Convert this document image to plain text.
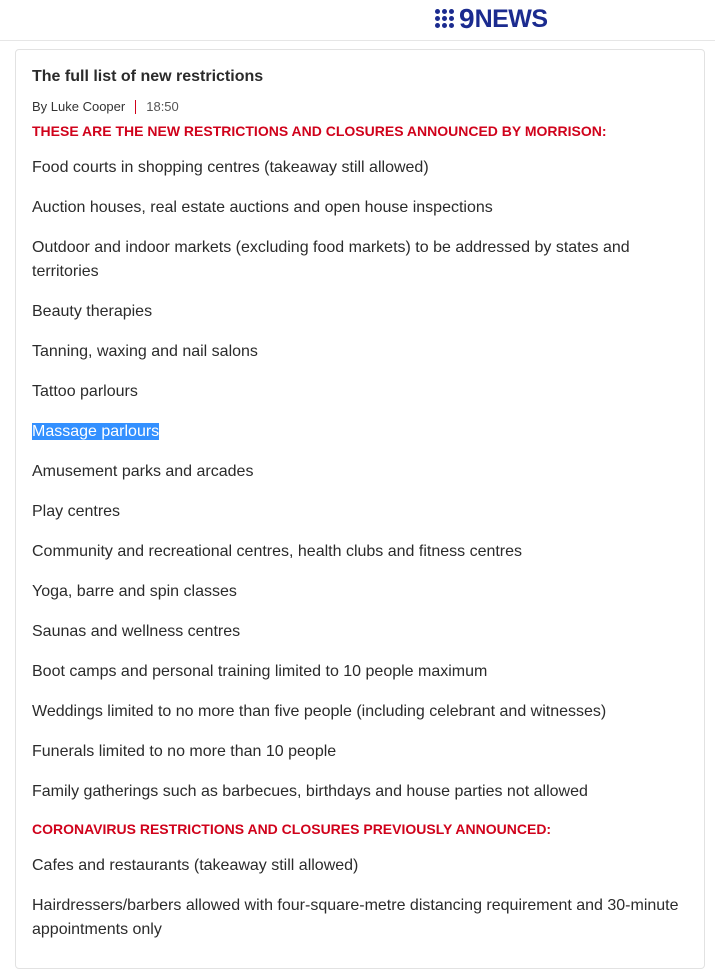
9 NEWS
The full list of new restrictions
By Luke Cooper 18:50
THESE ARE THE NEW RESTRICTIONS AND CLOSURES ANNOUNCED BY MORRISON:
Food courts in shopping centres (takeaway still allowed)
Auction houses, real estate auctions and open house inspections
Outdoor and indoor markets (excluding food markets) to be addressed by states and territories
Beauty therapies
Tanning, waxing and nail salons
Tattoo parlours
Massage parlours
Amusement parks and arcades
Play centres
Community and recreational centres, health clubs and fitness centres
Yoga, barre and spin classes
Saunas and wellness centres
Boot camps and personal training limited to 10 people maximum
Weddings limited to no more than five people (including celebrant and witnesses)
Funerals limited to no more than 10 people
Family gatherings such as barbecues, birthdays and house parties not allowed
CORONAVIRUS RESTRICTIONS AND CLOSURES PREVIOUSLY ANNOUNCED:
Cafes and restaurants (takeaway still allowed)
Hairdressers/barbers allowed with four-square-metre distancing requirement and 30-minute appointments only
